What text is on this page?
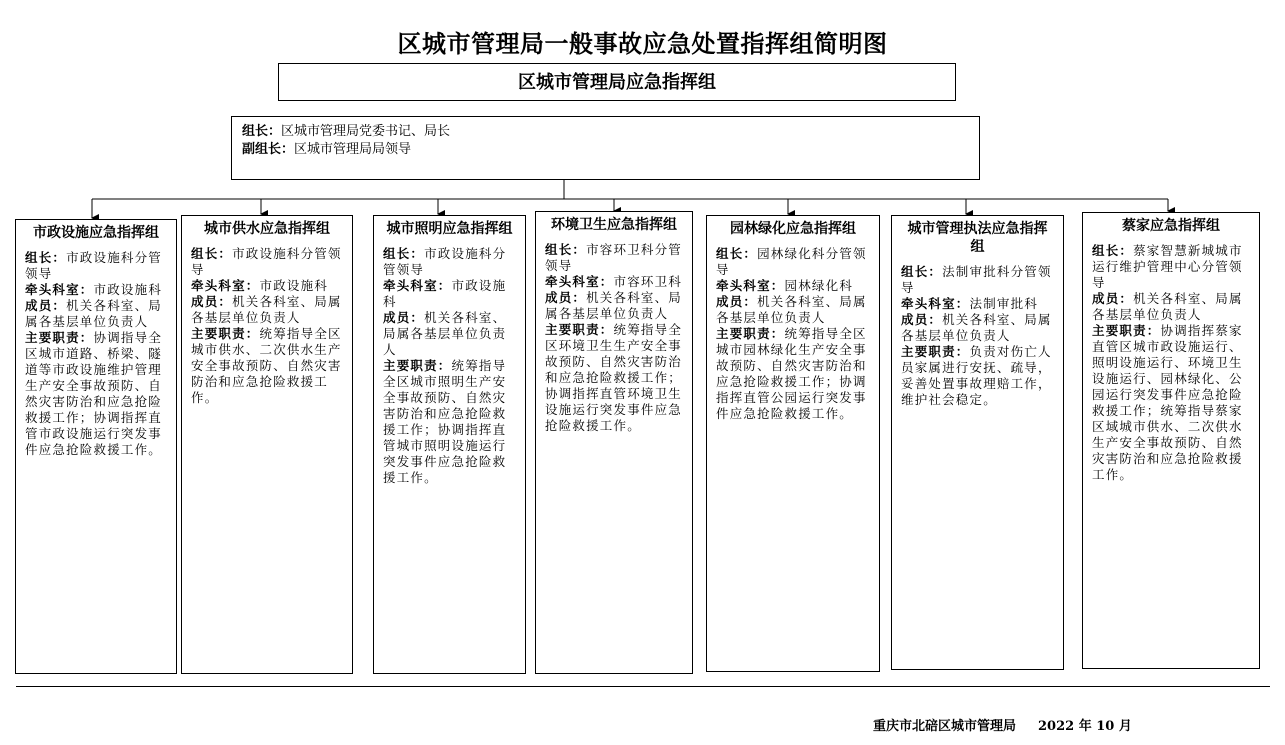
区城市管理局一般事故应急处置指挥组简明图
区城市管理局应急指挥组
组长：区城市管理局党委书记、局长
副组长：区城市管理局局领导
市政设施应急指挥组
组长：市政设施科分管领导
牵头科室：市政设施科
成员：机关各科室、局属各基层单位负责人
主要职责：协调指导全区城市道路、桥梁、隧道等市政设施维护管理生产安全事故预防、自然灾害防治和应急抢险救援工作；协调指挥直管市政设施运行突发事件应急抢险救援工作。
城市供水应急指挥组
组长：市政设施科分管领导
牵头科室：市政设施科
成员：机关各科室、局属各基层单位负责人
主要职责：统筹指导全区城市供水、二次供水生产安全事故预防、自然灾害防治和应急抢险救援工作。
城市照明应急指挥组
组长：市政设施科分管领导
牵头科室：市政设施科
成员：机关各科室、局属各基层单位负责人
主要职责：统筹指导全区城市照明生产安全事故预防、自然灾害防治和应急抢险救援工作；协调指挥直管城市照明设施运行突发事件应急抢险救援工作。
环境卫生应急指挥组
组长：市容环卫科分管领导
牵头科室：市容环卫科
成员：机关各科室、局属各基层单位负责人
主要职责：统筹指导全区环境卫生生产安全事故预防、自然灾害防治和应急抢险救援工作；协调指挥直管环境卫生设施运行突发事件应急抢险救援工作。
园林绿化应急指挥组
组长：园林绿化科分管领导
牵头科室：园林绿化科
成员：机关各科室、局属各基层单位负责人
主要职责：统筹指导全区城市园林绿化生产安全事故预防、自然灾害防治和应急抢险救援工作；协调指挥直管公园运行突发事件应急抢险救援工作。
城市管理执法应急指挥组
组长：法制审批科分管领导
牵头科室：法制审批科
成员：机关各科室、局属各基层单位负责人
主要职责：负责对伤亡人员家属进行安抚、疏导，妥善处置事故理赔工作，维护社会稳定。
蔡家应急指挥组
组长：蔡家智慧新城城市运行维护管理中心分管领导
成员：机关各科室、局属各基层单位负责人
主要职责：协调指挥蔡家直管区城市政设施运行、照明设施运行、环境卫生设施运行、园林绿化、公园运行突发事件应急抢险救援工作；统筹指导蔡家区域城市供水、二次供水生产安全事故预防、自然灾害防治和应急抢险救援工作。
重庆市北碚区城市管理局 2022 年 10 月
